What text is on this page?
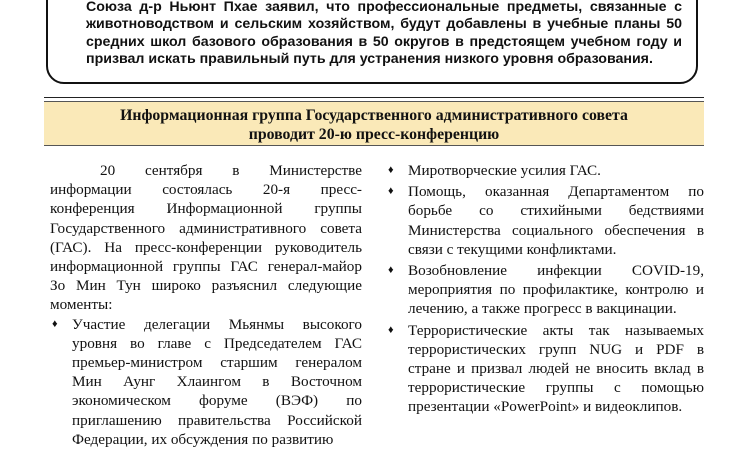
Союза д-р Ньюнт Пхае заявил, что профессиональные предметы, связанные с животноводством и сельским хозяйством, будут добавлены в учебные планы 50 средних школ базового образования в 50 округов в предстоящем учебном году и призвал искать правильный путь для устранения низкого уровня образования.
Информационная группа Государственного административного совета
проводит 20-ю пресс-конференцию

20 сентября в Министерстве информации состоялась 20-я пресс-конференция Информационной группы Государственного административного совета (ГАС). На пресс-конференции руководитель информационной группы ГАС генерал-майор Зо Мин Тун широко разъяснил следующие моменты:

♦ Участие делегации Мьянмы высокого уровня во главе с Председателем ГАС премьер-министром старшим генералом Мин Аунг Хлаингом в Восточном экономическом форуме (ВЭФ) по приглашению правительства Российской Федерации, их обсуждения по развитию
♦ Миротворческие усилия ГАС.
♦ Помощь, оказанная Департаментом по борьбе со стихийными бедствиями Министерства социального обеспечения в связи с текущими конфликтами.
♦ Возобновление инфекции COVID-19, мероприятия по профилактике, контролю и лечению, а также прогресс в вакцинации.
♦ Террористические акты так называемых террористических групп NUG и PDF в стране и призвал людей не вносить вклад в террористические группы с помощью презентации «PowerPoint» и видеоклипов.
